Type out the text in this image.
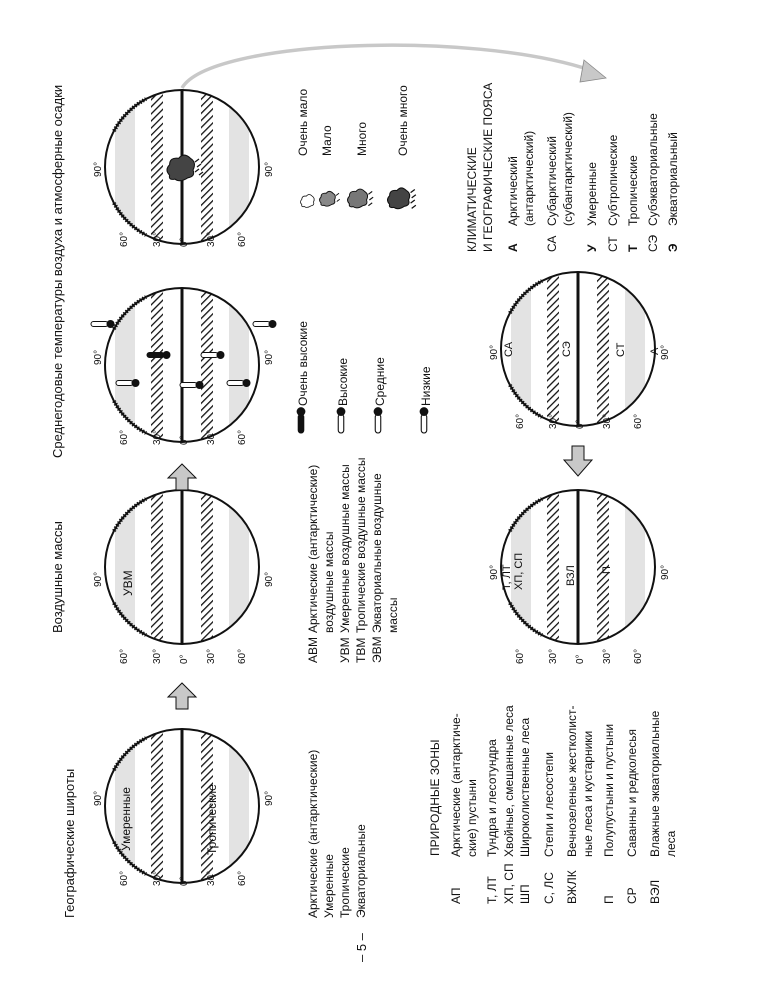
Умеренные	Тропические
60° 30° 0° 30° 60°
90°	90°
Географические широты	Арктические (антарктические) Умеренные Тропические Экваториальные
УВМ
60° 30° 0° 30° 60°
90°	90°
Воздушные массы
АВМ
Арктические (антарктические) воздушные массы
УВМ
Умеренные воздушные массы
ТВМ
Тропические воздушные массы
ЭВМ
Экваториальные воздушные массы
60° 30° 0° 30° 60°
90°	90°
60° 30° 0° 30° 60°
90°	90°
Среднегодовые температуры воздуха и атмосферные осадки	Очень высокие Высокие Средние	Низкие
Очень мало Мало Много Очень много
Т, ЛТ ХП, СП	ВЗЛ П
60° 30° 0° 30° 60°
90°	90°
ПРИРОДНЫЕ ЗОНЫ
АП
Арктические (антарктиче- ские) пустыни
Т, ЛТ
Тундра и лесотундра
ХП, СП
Хвойные, смешанные леса
ШП
Широколиственные леса
С, ЛС
Степи и лесостепи
ВЖЛК
Вечнозеленые жестколист- ные леса и кустарники
П
Полупустыни и пустыни
СР
Саванны и редколесья
ВЭЛ
Влажные экваториальные леса
СА	СЭ	СТ А
60° 30° 0° 30° 60°
90°	90°
КЛИМАТИЧЕСКИЕ И ГЕОГРАФИЧЕСКИЕ ПОЯСА А
Арктический (антарктический)
СА
Субарктический (субантарктический)
У
Умеренные
СТ
Субтропические
Т
Тропические
СЭ
Субэкваториальные
Э
Экваториальный
– 5 –
